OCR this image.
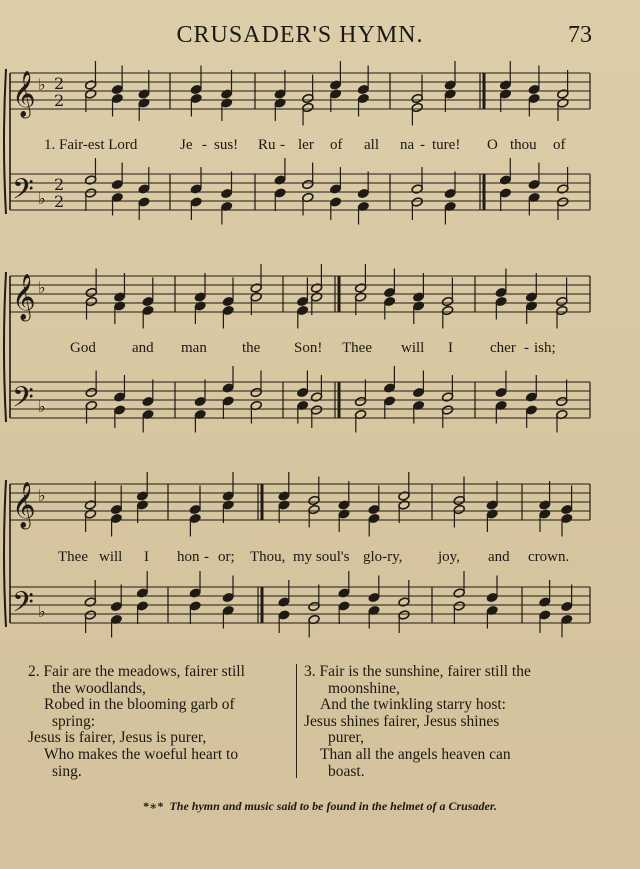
CRUSADER'S HYMN.	73
𝄞
𝄢
♭
♭
2
2
2
2
𝄞
𝄢
♭
♭
𝄞
𝄢
♭
♭
1. Fair-est Lord	Je - sus! Ru - ler of all na - ture! O thou of
God and man the Son! Thee will I cher - ish;
Thee will I hon - or; Thou, my soul's glo-ry, joy, and crown.
2. Fair are the meadows, fairer still
the woodlands,
Robed in the blooming garb of
spring:
Jesus is fairer, Jesus is purer,
Who makes the woeful heart to
sing.
3. Fair is the sunshine, fairer still the
moonshine,
And the twinkling starry host:
Jesus shines fairer, Jesus shines
purer,
Than all the angels heaven can
boast.
*∗* The hymn and music said to be found in the helmet of a Crusader.
